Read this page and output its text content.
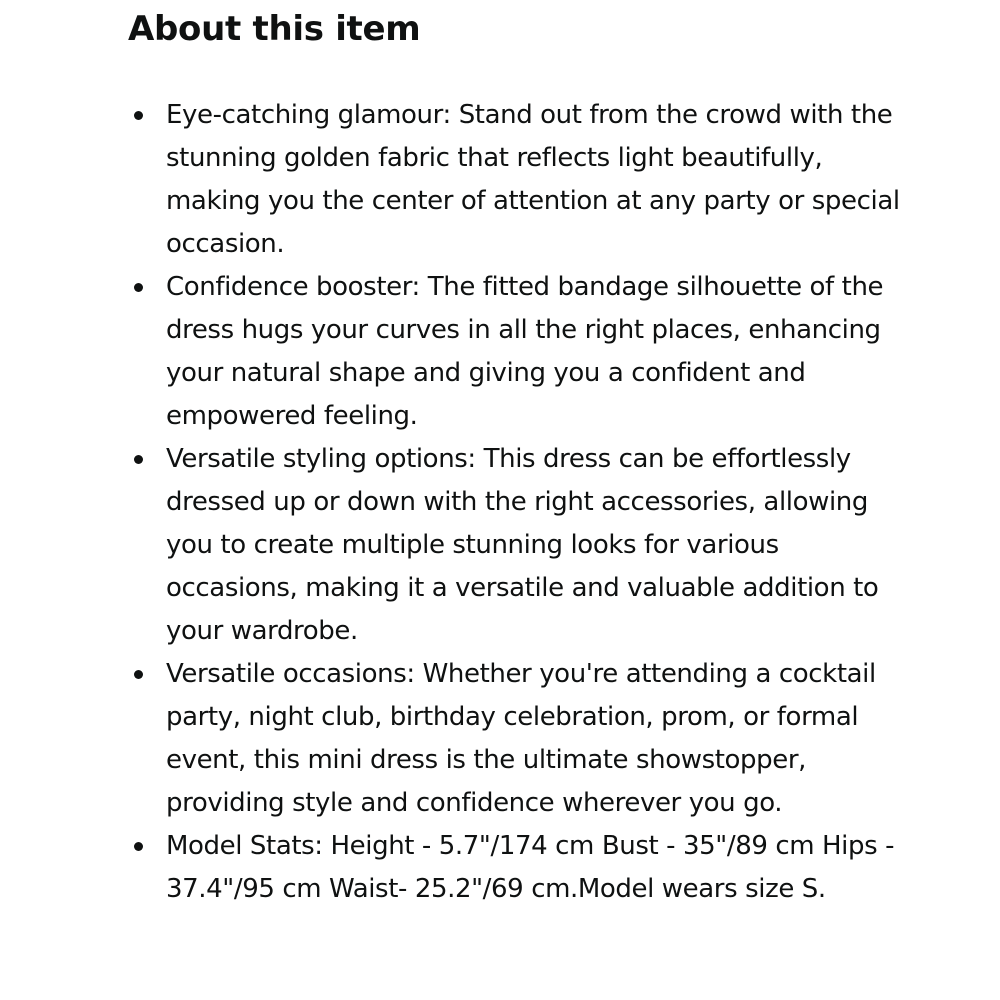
About this item
Eye-catching glamour: Stand out from the crowd with the stunning golden fabric that reflects light beautifully, making you the center of attention at any party or special occasion.
Confidence booster: The fitted bandage silhouette of the dress hugs your curves in all the right places, enhancing your natural shape and giving you a confident and empowered feeling.
Versatile styling options: This dress can be effortlessly dressed up or down with the right accessories, allowing you to create multiple stunning looks for various occasions, making it a versatile and valuable addition to your wardrobe.
Versatile occasions: Whether you're attending a cocktail party, night club, birthday celebration, prom, or formal event, this mini dress is the ultimate showstopper, providing style and confidence wherever you go.
Model Stats: Height - 5.7"/174 cm Bust - 35"/89 cm Hips - 37.4"/95 cm Waist- 25.2"/69 cm.Model wears size S.
